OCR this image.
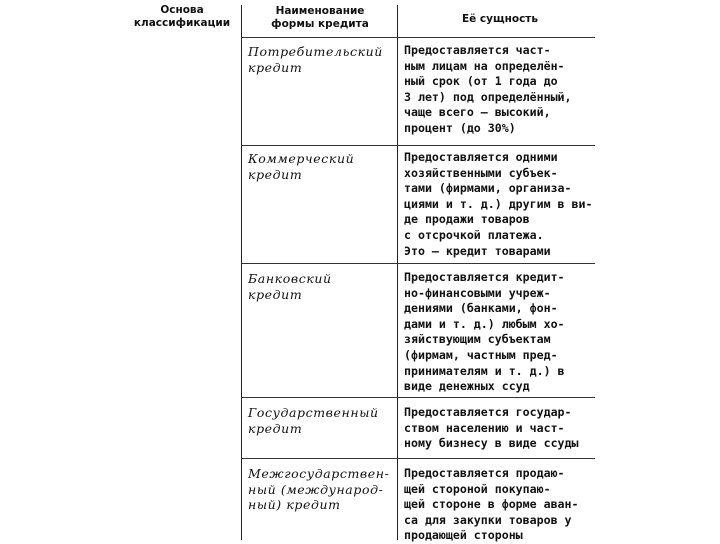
Основа
классификации
Наименование
формы кредита	Её сущность
Потребительский
кредит
Предоставляется част-
ным лицам на определён-
ный срок (от 1 года до
3 лет) под определённый,
чаще всего — высокий,
процент (до 30%)
Коммерческий
кредит
Предоставляется одними
хозяйственными субъек-
тами (фирмами, организа-
циями и т. д.) другим в ви-
де продажи товаров
с отсрочкой платежа.
Это — кредит товарами
Банковский
кредит
Предоставляется кредит-
но-финансовыми учреж-
дениями (банками, фон-
дами и т. д.) любым хо-
зяйствующим субъектам
(фирмам, частным пред-
принимателям и т. д.) в
виде денежных ссуд
Государственный
кредит
Предоставляется государ-
ством населению и част-
ному бизнесу в виде ссуды
Межгосударствен-
ный (международ-
ный) кредит
Предоставляется продаю-
щей стороной покупаю-
щей стороне в форме аван-
са для закупки товаров у
продающей стороны
